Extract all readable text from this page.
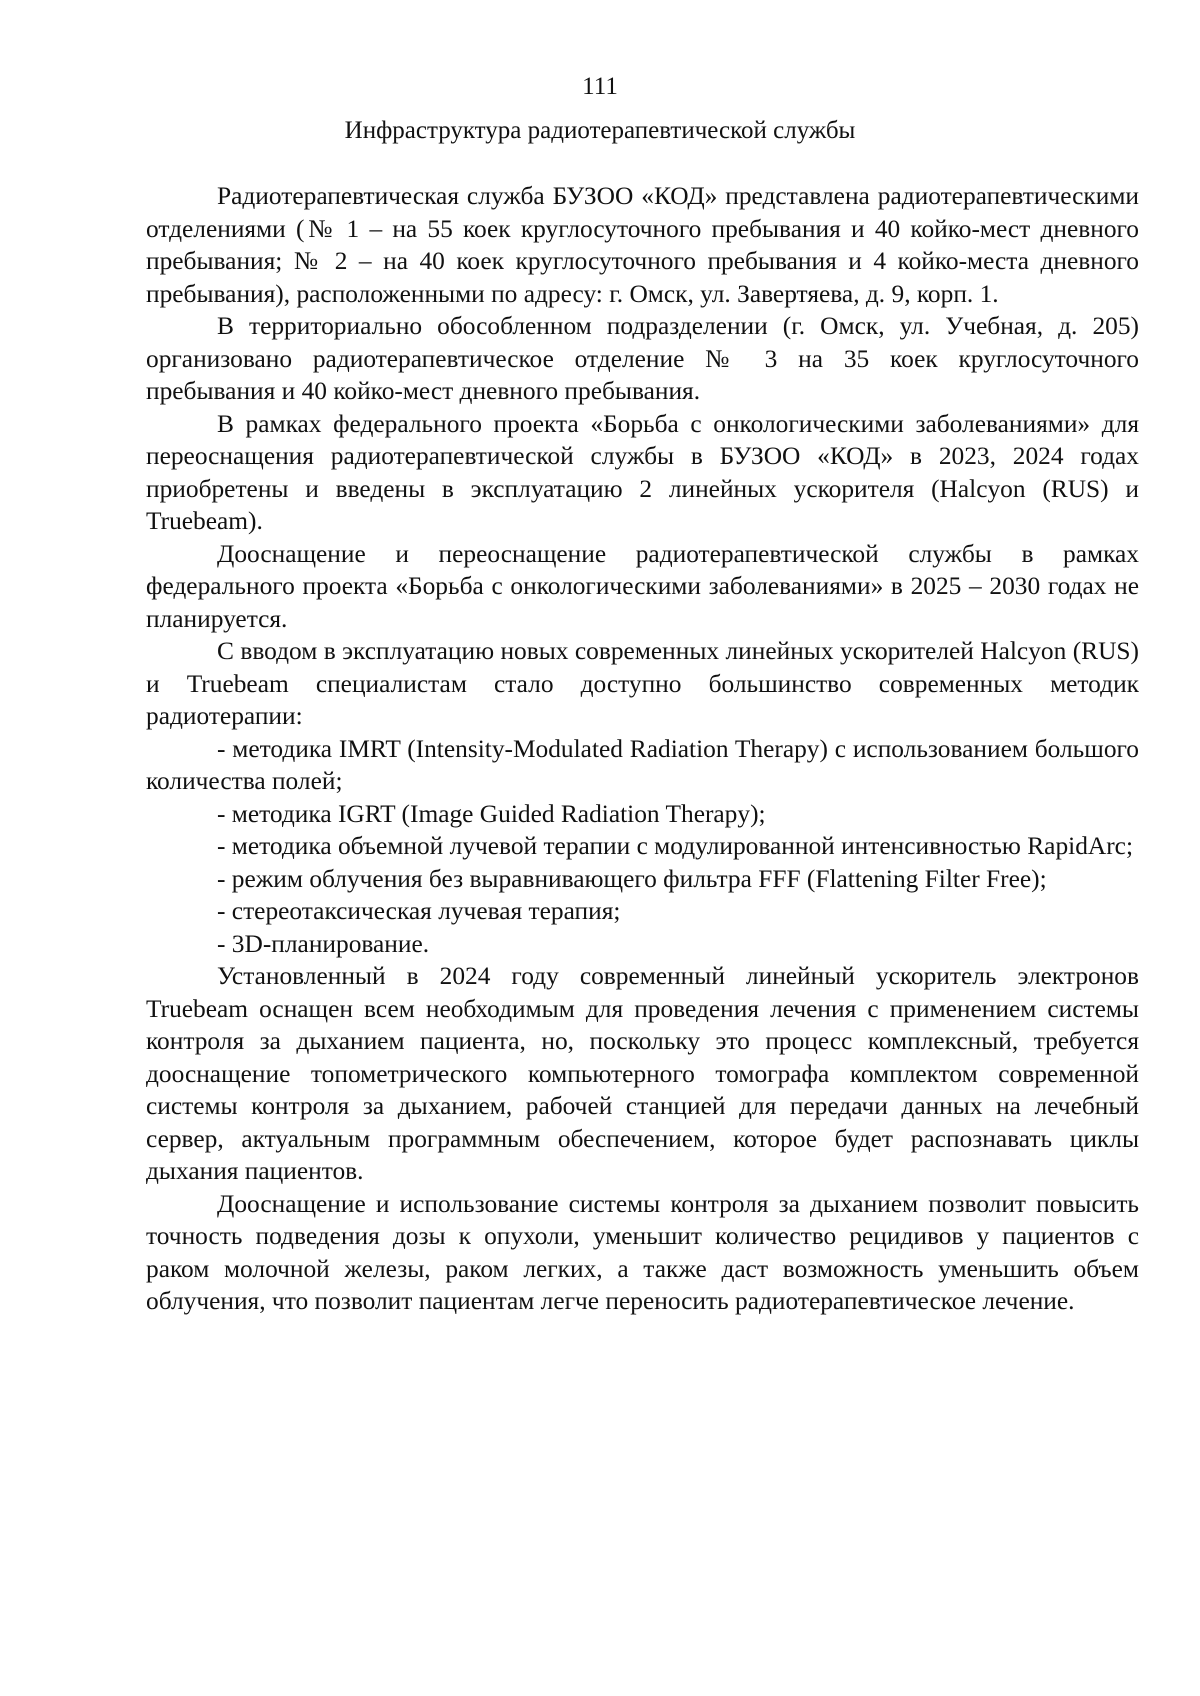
111
Инфраструктура радиотерапевтической службы

Радиотерапевтическая служба БУЗОО «КОД» представлена радиотерапевтическими отделениями (№ 1 – на 55 коек круглосуточного пребывания и 40 койко-мест дневного пребывания; № 2 – на 40 коек круглосуточного пребывания и 4 койко-места дневного пребывания), расположенными по адресу: г. Омск, ул. Завертяева, д. 9, корп. 1.

В территориально обособленном подразделении (г. Омск, ул. Учебная, д. 205) организовано радиотерапевтическое отделение № 3 на 35 коек круглосуточного пребывания и 40 койко-мест дневного пребывания.

В рамках федерального проекта «Борьба с онкологическими заболеваниями» для переоснащения радиотерапевтической службы в БУЗОО «КОД» в 2023, 2024 годах приобретены и введены в эксплуатацию 2 линейных ускорителя (Halcyon (RUS) и Truebeam).

Дооснащение и переоснащение радиотерапевтической службы в рамках федерального проекта «Борьба с онкологическими заболеваниями» в 2025 – 2030 годах не планируется.

С вводом в эксплуатацию новых современных линейных ускорителей Halcyon (RUS) и Truebeam специалистам стало доступно большинство современных методик радиотерапии:

- методика IMRT (Intensity-Modulated Radiation Therapy) с использованием большого количества полей;

- методика IGRT (Image Guided Radiation Therapy);

- методика объемной лучевой терапии с модулированной интенсивностью RapidArc;

- режим облучения без выравнивающего фильтра FFF (Flattening Filter Free);

- стереотаксическая лучевая терапия;

- 3D-планирование.

Установленный в 2024 году современный линейный ускоритель электронов Truebeam оснащен всем необходимым для проведения лечения с применением системы контроля за дыханием пациента, но, поскольку это процесс комплексный, требуется дооснащение топометрического компьютерного томографа комплектом современной системы контроля за дыханием, рабочей станцией для передачи данных на лечебный сервер, актуальным программным обеспечением, которое будет распознавать циклы дыхания пациентов.

Дооснащение и использование системы контроля за дыханием позволит повысить точность подведения дозы к опухоли, уменьшит количество рецидивов у пациентов с раком молочной железы, раком легких, а также даст возможность уменьшить объем облучения, что позволит пациентам легче переносить радиотерапевтическое лечение.
